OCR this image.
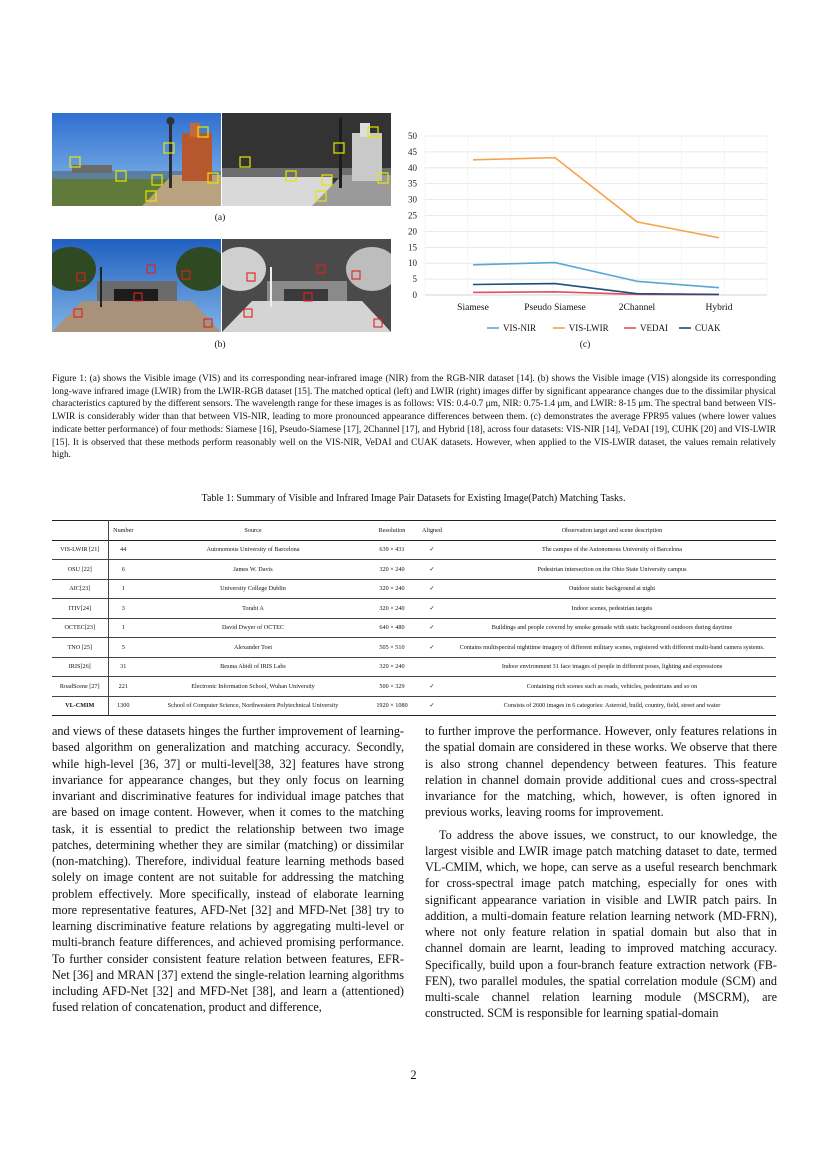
(a)
(b)
0
5
10
15
20
25
30
35
40
45
50
Siamese	Pseudo Siamese	2Channel	Hybrid
VIS-NIR	VIS-LWIR	VEDAI	CUAK
(c)
Figure 1: (a) shows the Visible image (VIS) and its corresponding near-infrared image (NIR) from the RGB-NIR dataset [14]. (b) shows the Visible image (VIS) alongside its corresponding long-wave infrared image (LWIR) from the LWIR-RGB dataset [15]. The matched optical (left) and LWIR (right) images differ by significant appearance changes due to the dissimilar physical characteristics captured by the different sensors. The wavelength range for these images is as follows: VIS: 0.4-0.7 μm, NIR: 0.75-1.4 μm, and LWIR: 8-15 μm. The spectral band between VIS-LWIR is considerably wider than that between VIS-NIR, leading to more pronounced appearance differences between them. (c) demonstrates the average FPR95 values (where lower values indicate better performance) of four methods: Siamese [16], Pseudo-Siamese [17], 2Channel [17], and Hybrid [18], across four datasets: VIS-NIR [14], VeDAI [19], CUHK [20] and VIS-LWIR [15]. It is observed that these methods perform reasonably well on the VIS-NIR, VeDAI and CUAK datasets. However, when applied to the VIS-LWIR dataset, the values remain relatively high.
Table 1: Summary of Visible and Infrared Image Pair Datasets for Existing Image(Patch) Matching Tasks.
	Number	Source	Resolution	Aligned	Observation target and scene description
VIS-LWIR [21]	44	Autonomous University of Barcelona	639 × 431	✓	The campus of the Autonomous University of Barcelona
OSU [22]	6	James W. Davis	320 × 240	✓	Pedestrian intersection on the Ohio State University campus
AIC[23]	1	University College Dublin	320 × 240	✓	Outdoor static background at night
ITIV[24]	3	Torabi A	320 × 240	✓	Indoor scenes, pedestrian targets
OCTEC[23]	1	David Dwyer of OCTEC	640 × 480	✓	Buildings and people covered by smoke grenade with static background outdoors during daytime
TNO [25]	5	Alexander Toet	505 × 510	✓	Contains multispectral nighttime imagery of different military scenes, registered with different multi-band camera systems.
IRIS[26]	31	Besma Abidi of IRIS Labs	320 × 240		Indoor environment 31 face images of people in different poses, lighting and expressions
RoadScene [27]	221	Electronic Information School, Wuhan University	500 × 329	✓	Containing rich scenes such as roads, vehicles, pedestrians and so on
VL-CMIM	1300	School of Computer Science, Northwestern Polytechnical University	1920 × 1080	✓	Consists of 2600 images in 6 categories: Asteroid, build, country, field, street and water

and views of these datasets hinges the further improvement of learning-based algorithm on generalization and matching accuracy. Secondly, while high-level [36, 37] or multi-level[38, 32] features have strong invariance for appearance changes, but they only focus on learning invariant and discriminative features for individual image patches that are based on image content. However, when it comes to the matching task, it is essential to predict the relationship between two image patches, determining whether they are similar (matching) or dissimilar (non-matching). Therefore, individual feature learning methods based solely on image content are not suitable for addressing the matching problem effectively. More specifically, instead of elaborate learning more representative features, AFD-Net [32] and MFD-Net [38] try to learning discriminative feature relations by aggregating multi-level or multi-branch feature differences, and achieved promising performance. To further consider consistent feature relation between features, EFR-Net [36] and MRAN [37] extend the single-relation learning algorithms including AFD-Net [32] and MFD-Net [38], and learn a (attentioned) fused relation of concatenation, product and difference,

to further improve the performance. However, only features relations in the spatial domain are considered in these works. We observe that there is also strong channel dependency between features. This feature relation in channel domain provide additional cues and cross-spectral invariance for the matching, which, however, is often ignored in previous works, leaving rooms for improvement.

To address the above issues, we construct, to our knowledge, the largest visible and LWIR image patch matching dataset to date, termed VL-CMIM, which, we hope, can serve as a useful research benchmark for cross-spectral image patch matching, especially for ones with significant appearance variation in visible and LWIR patch pairs. In addition, a multi-domain feature relation learning network (MD-FRN), where not only feature relation in spatial domain but also that in channel domain are learnt, leading to improved matching accuracy. Specifically, build upon a four-branch feature extraction network (FB-FEN), two parallel modules, the spatial correlation module (SCM) and multi-scale channel relation learning module (MSCRM), are constructed. SCM is responsible for learning spatial-domain

2
